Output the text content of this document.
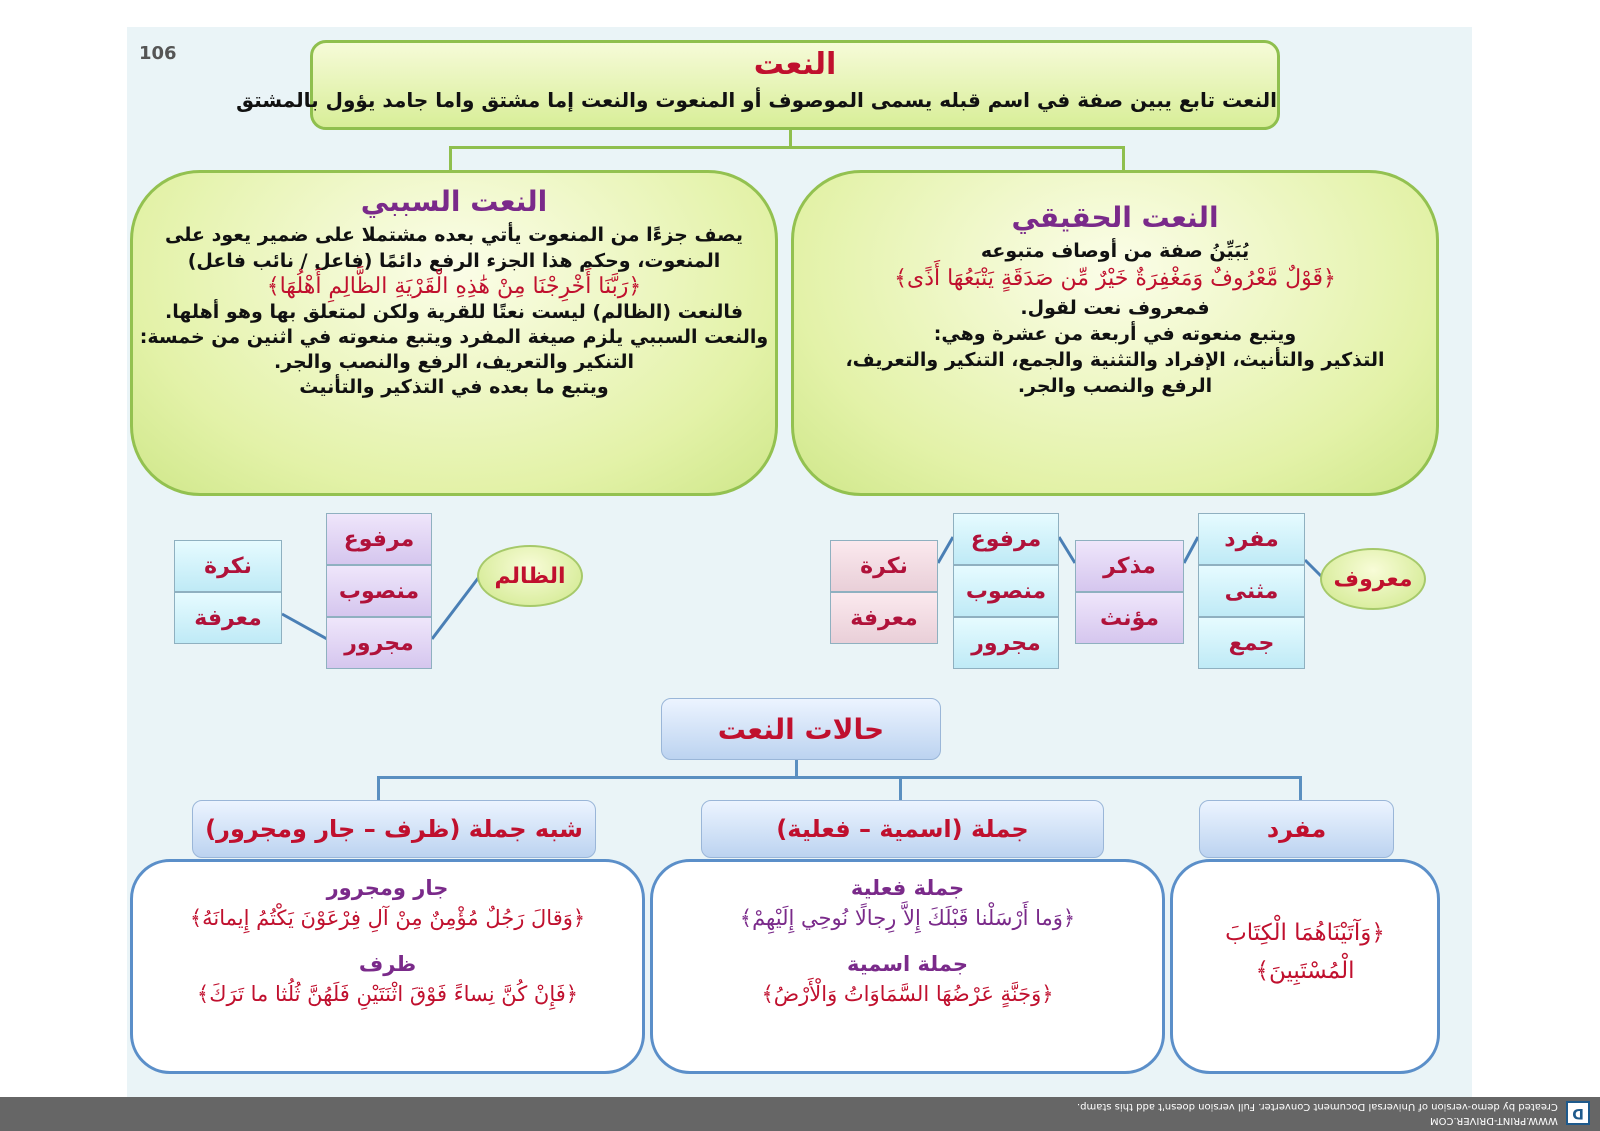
106	النعت
النعت تابع يبين صفة في اسم قبله يسمى الموصوف أو المنعوت والنعت إما مشتق واما جامد يؤول بالمشتق
النعت السببي

يصف جزءًا من المنعوت يأتي بعده مشتملا على ضمير يعود على

المنعوت، وحكم هذا الجزء الرفع دائمًا (فاعل / نائب فاعل)

﴿رَبَّنَا أَخْرِجْنَا مِنْ هَٰذِهِ الْقَرْيَةِ الظَّالِمِ أَهْلُهَا﴾

فالنعت (الظالم) ليست نعتًا للقرية ولكن لمتعلق بها وهو أهلها.

والنعت السببي يلزم صيغة المفرد ويتبع منعوته في اثنين من خمسة:

التنكير والتعريف، الرفع والنصب والجر.

ويتبع ما بعده في التذكير والتأنيث

النعت الحقيقي

يُبَيِّنُ صفة من أوصاف متبوعه

﴿قَوْلٌ مَّعْرُوفٌ وَمَغْفِرَةٌ خَيْرٌ مِّن صَدَقَةٍ يَتْبَعُهَا أَذًى﴾

فمعروف نعت لقول.

ويتبع منعوته في أربعة من عشرة وهي:

التذكير والتأنيث، الإفراد والتثنية والجمع، التنكير والتعريف،

الرفع والنصب والجر.

الظالم
مرفوع
منصوب
مجرور
نكرة
معرفة
معروف
مفرد
مثنى
جمع
مذكر
مؤنث
مرفوع
منصوب
مجرور
نكرة
معرفة
حالات النعت
شبه جملة (ظرف – جار ومجرور)	جملة (اسمية – فعلية)	مفرد
جار ومجرور

﴿وَقالَ رَجُلٌ مُؤْمِنٌ مِنْ آلِ فِرْعَوْنَ يَكْتُمُ إِيمانَهُ﴾

ظرف

﴿فَإِنْ كُنَّ نِساءً فَوْقَ اثْنَتَيْنِ فَلَهُنَّ ثُلُثا ما تَرَكَ﴾

جملة فعلية

﴿وَما أَرْسَلْنا قَبْلَكَ إِلاَّ رِجالًا نُوحِي إِلَيْهِمْ﴾

جملة اسمية

﴿وَجَنَّةٍ عَرْضُهَا السَّمَاوَاتُ وَالْأَرْضُ﴾

﴿وَآتَيْنَاهُمَا الْكِتَابَ

الْمُسْتَبِينَ﴾

D
WWW.PRINT-DRIVER.COM
Created by demo-version of Universal Document Converter. Full version doesn't add this stamp.
